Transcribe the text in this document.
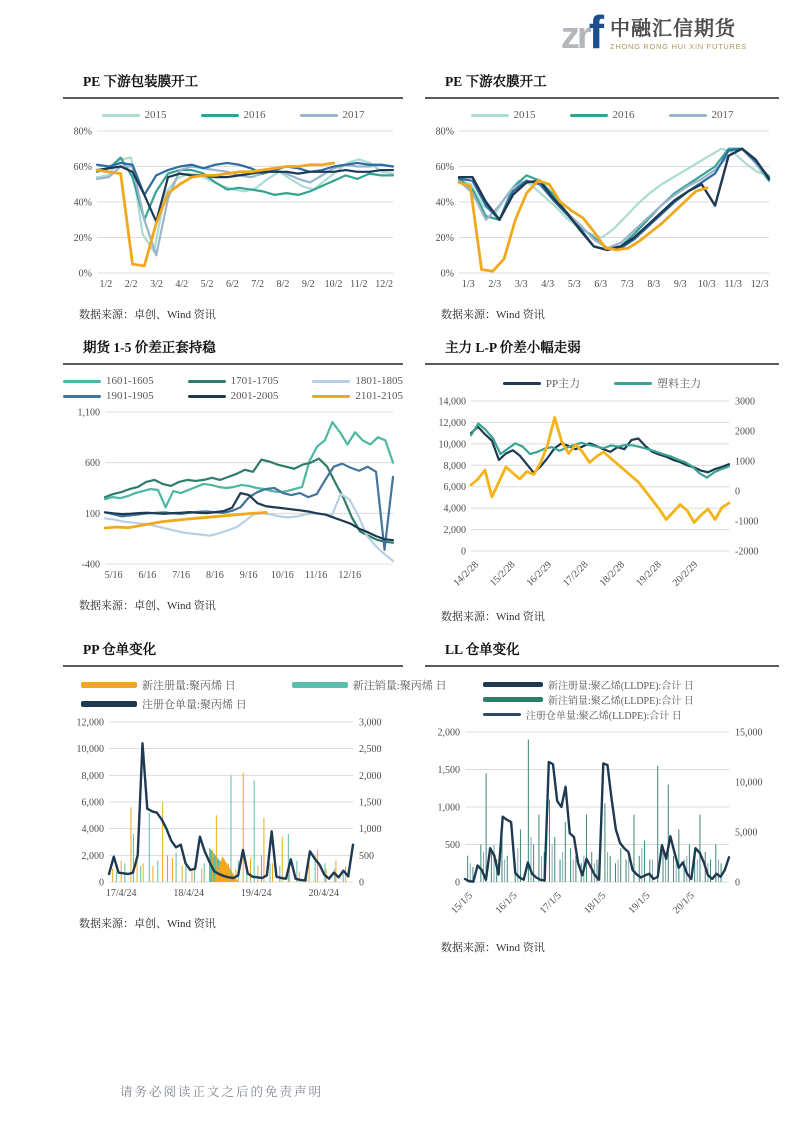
zrf 中融汇信期货
ZHONG RONG HUI XIN FUTURES
PE 下游包装膜开工
2015	2016	2017
0%
20%
40%
60%
80%
1/2 2/2 3/2 4/2 5/2 6/2 7/2 8/2 9/2 10/2 11/2 12/2
数据来源：卓创、Wind 资讯
PE 下游农膜开工
2015	2016	2017
0%
20%
40%
60%
80%
1/3 2/3 3/3 4/3 5/3 6/3 7/3 8/3 9/3 10/3 11/3 12/3
数据来源：Wind 资讯
期货 1-5 价差正套持稳
1601-1605	1701-1705	1801-1805
1901-1905	2001-2005	2101-2105
-400
100
600
1,100
5/16 6/16 7/16 8/16 9/16 10/16 11/16 12/16
数据来源：卓创、Wind 资讯
主力 L-P 价差小幅走弱
PP主力	塑料主力
0
2,000
4,000
6,000
8,000
10,000
12,000
14,000
-2000
-1000
0
1000
2000
3000
14/2/28 15/2/28 16/2/29 17/2/28 18/2/28 19/2/28 20/2/29
数据来源：Wind 资讯
PP 仓单变化
新注册量:聚丙烯 日	新注销量:聚丙烯 日
注册仓单量:聚丙烯 日
0
2,000
4,000
6,000
8,000
10,000
12,000
0
500
1,000
1,500
2,000
2,500
3,000
17/4/24	18/4/24	19/4/24	20/4/24
数据来源：卓创、Wind 资讯
LL 仓单变化
新注册量:聚乙烯(LLDPE):合计 日
新注销量:聚乙烯(LLDPE):合计 日
注册仓单量:聚乙烯(LLDPE):合计 日
0
500
1,000
1,500
2,000
0
5,000
10,000
15,000
15/1/5 16/1/5 17/1/5 18/1/5 19/1/5 20/1/5
数据来源：Wind 资讯
请务必阅读正文之后的免责声明
